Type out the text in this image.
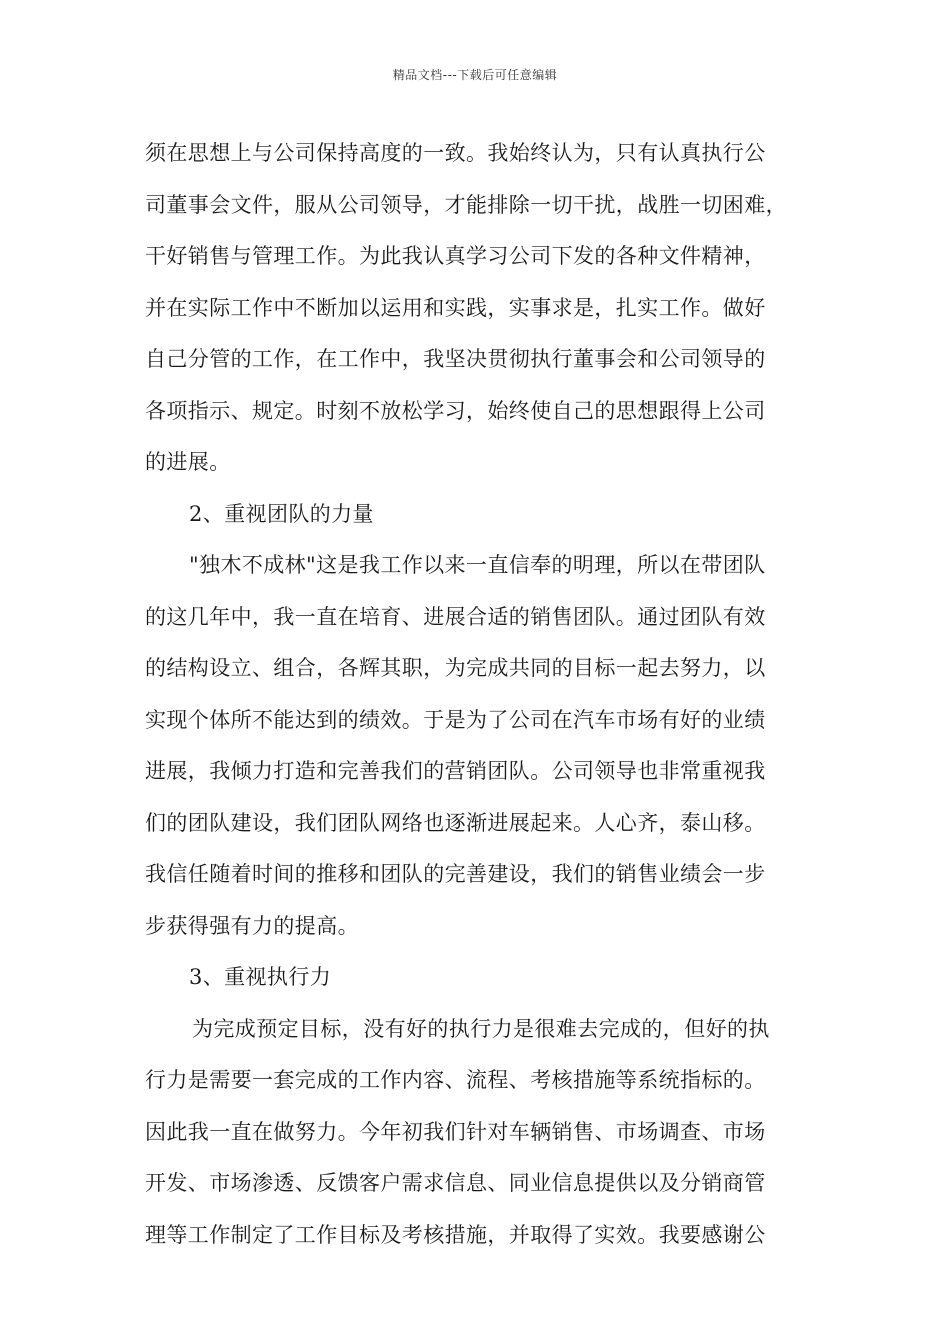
精品文档---下载后可任意编辑
须在思想上与公司保持高度的一致。我始终认为，只有认真执行公
司董事会文件，服从公司领导，才能排除一切干扰，战胜一切困难，
干好销售与管理工作。为此我认真学习公司下发的各种文件精神，
并在实际工作中不断加以运用和实践，实事求是，扎实工作。做好
自己分管的工作，在工作中，我坚决贯彻执行董事会和公司领导的
各项指示、规定。时刻不放松学习，始终使自己的思想跟得上公司
的进展。
2、重视团队的力量
"独木不成林"这是我工作以来一直信奉的明理，所以在带团队
的这几年中，我一直在培育、进展合适的销售团队。通过团队有效
的结构设立、组合，各辉其职，为完成共同的目标一起去努力，以
实现个体所不能达到的绩效。于是为了公司在汽车市场有好的业绩
进展，我倾力打造和完善我们的营销团队。公司领导也非常重视我
们的团队建设，我们团队网络也逐渐进展起来。人心齐，泰山移。
我信任随着时间的推移和团队的完善建设，我们的销售业绩会一步
步获得强有力的提高。
3、重视执行力
为完成预定目标，没有好的执行力是很难去完成的，但好的执
行力是需要一套完成的工作内容、流程、考核措施等系统指标的。
因此我一直在做努力。今年初我们针对车辆销售、市场调查、市场
开发、市场渗透、反馈客户需求信息、同业信息提供以及分销商管
理等工作制定了工作目标及考核措施，并取得了实效。我要感谢公
